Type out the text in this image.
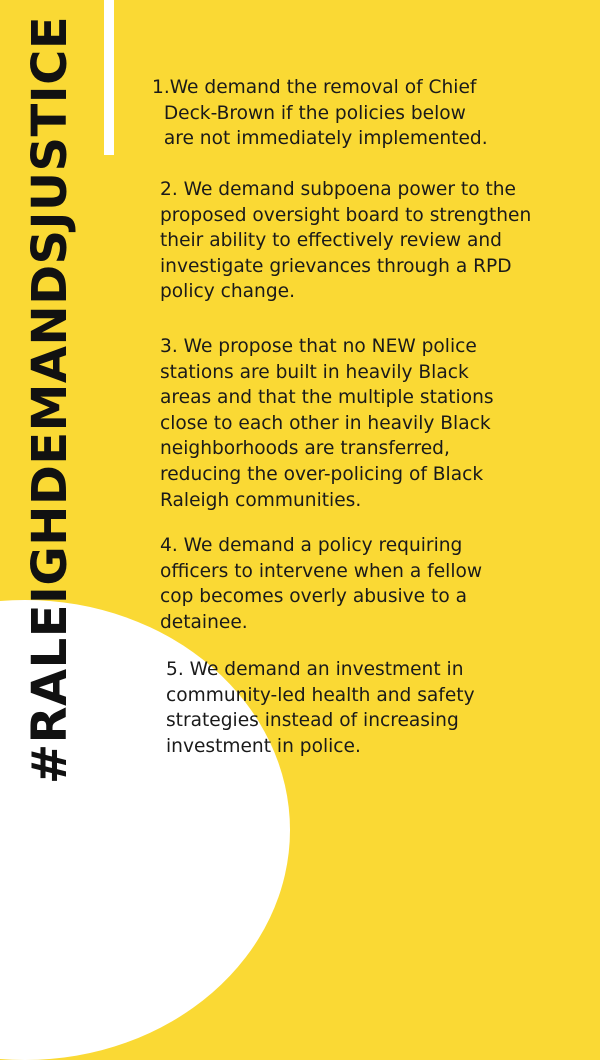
#RALEIGHDEMANDSJUSTICE	1.We demand the removal of Chief
Deck-Brown if the policies below
are not immediately implemented.
2. We demand subpoena power to the
proposed oversight board to strengthen
their ability to effectively review and
investigate grievances through a RPD
policy change.
3. We propose that no NEW police
stations are built in heavily Black
areas and that the multiple stations
close to each other in heavily Black
neighborhoods are transferred,
reducing the over-policing of Black
Raleigh communities.
4. We demand a policy requiring
officers to intervene when a fellow
cop becomes overly abusive to a
detainee.
5. We demand an investment in
community-led health and safety
strategies instead of increasing
investment in police.
